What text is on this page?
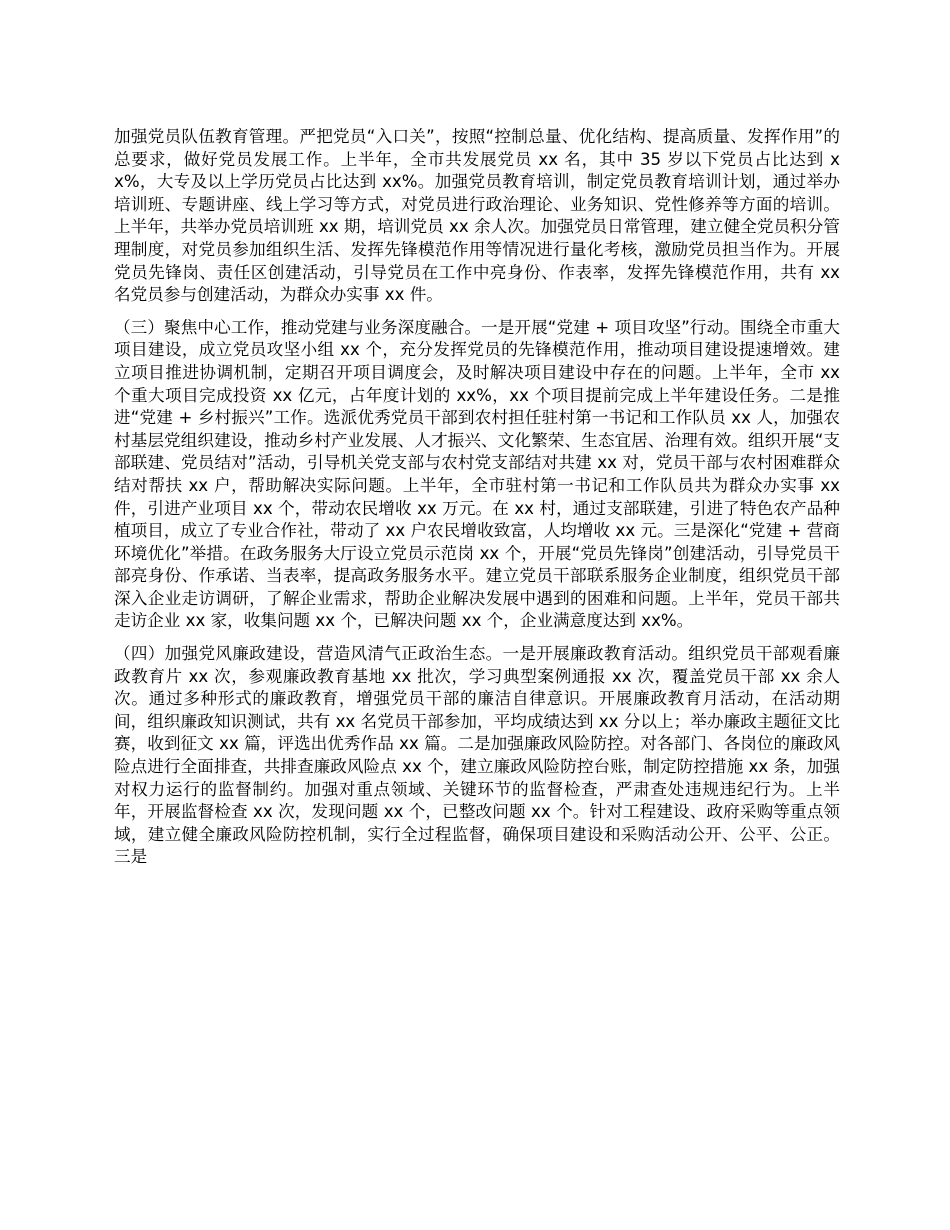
加强党员队伍教育管理。严把党员“入口关”，按照“控制总量、优化结构、提高质量、发挥作用”的总要求，做好党员发展工作。上半年，全市共发展党员 xx 名，其中 35 岁以下党员占比达到 xx%，大专及以上学历党员占比达到 xx%。加强党员教育培训，制定党员教育培训计划，通过举办培训班、专题讲座、线上学习等方式，对党员进行政治理论、业务知识、党性修养等方面的培训。上半年，共举办党员培训班 xx 期，培训党员 xx 余人次。加强党员日常管理，建立健全党员积分管理制度，对党员参加组织生活、发挥先锋模范作用等情况进行量化考核，激励党员担当作为。开展党员先锋岗、责任区创建活动，引导党员在工作中亮身份、作表率，发挥先锋模范作用，共有 xx 名党员参与创建活动，为群众办实事 xx 件。

（三）聚焦中心工作，推动党建与业务深度融合。一是开展“党建 + 项目攻坚”行动。围绕全市重大项目建设，成立党员攻坚小组 xx 个，充分发挥党员的先锋模范作用，推动项目建设提速增效。建立项目推进协调机制，定期召开项目调度会，及时解决项目建设中存在的问题。上半年，全市 xx 个重大项目完成投资 xx 亿元，占年度计划的 xx%，xx 个项目提前完成上半年建设任务。二是推进“党建 + 乡村振兴”工作。选派优秀党员干部到农村担任驻村第一书记和工作队员 xx 人，加强农村基层党组织建设，推动乡村产业发展、人才振兴、文化繁荣、生态宜居、治理有效。组织开展“支部联建、党员结对”活动，引导机关党支部与农村党支部结对共建 xx 对，党员干部与农村困难群众结对帮扶 xx 户，帮助解决实际问题。上半年，全市驻村第一书记和工作队员共为群众办实事 xx 件，引进产业项目 xx 个，带动农民增收 xx 万元。在 xx 村，通过支部联建，引进了特色农产品种植项目，成立了专业合作社，带动了 xx 户农民增收致富，人均增收 xx 元。三是深化“党建 + 营商环境优化”举措。在政务服务大厅设立党员示范岗 xx 个，开展“党员先锋岗”创建活动，引导党员干部亮身份、作承诺、当表率，提高政务服务水平。建立党员干部联系服务企业制度，组织党员干部深入企业走访调研，了解企业需求，帮助企业解决发展中遇到的困难和问题。上半年，党员干部共走访企业 xx 家，收集问题 xx 个，已解决问题 xx 个，企业满意度达到 xx%。

（四）加强党风廉政建设，营造风清气正政治生态。一是开展廉政教育活动。组织党员干部观看廉政教育片 xx 次，参观廉政教育基地 xx 批次，学习典型案例通报 xx 次，覆盖党员干部 xx 余人次。通过多种形式的廉政教育，增强党员干部的廉洁自律意识。开展廉政教育月活动，在活动期间，组织廉政知识测试，共有 xx 名党员干部参加，平均成绩达到 xx 分以上；举办廉政主题征文比赛，收到征文 xx 篇，评选出优秀作品 xx 篇。二是加强廉政风险防控。对各部门、各岗位的廉政风险点进行全面排查，共排查廉政风险点 xx 个，建立廉政风险防控台账，制定防控措施 xx 条，加强对权力运行的监督制约。加强对重点领域、关键环节的监督检查，严肃查处违规违纪行为。上半年，开展监督检查 xx 次，发现问题 xx 个，已整改问题 xx 个。针对工程建设、政府采购等重点领域，建立健全廉政风险防控机制，实行全过程监督，确保项目建设和采购活动公开、公平、公正。三是
